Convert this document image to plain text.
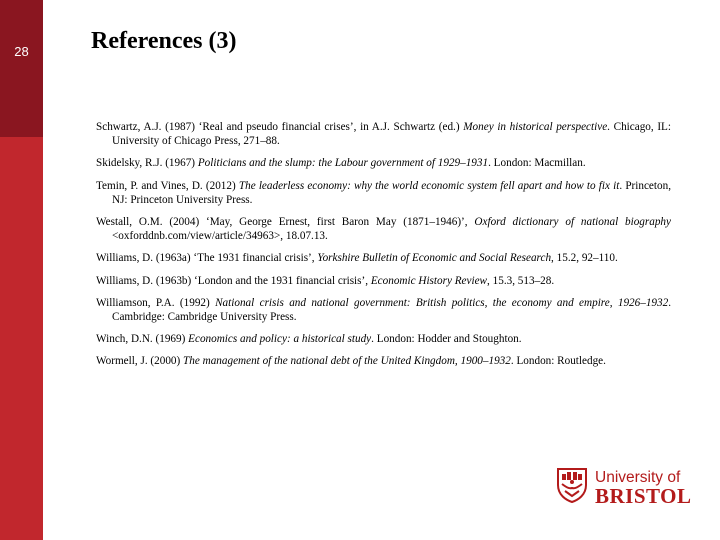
28	References (3)

Schwartz, A.J. (1987) ‘Real and pseudo financial crises’, in A.J. Schwartz (ed.) Money in historical perspective. Chicago, IL: University of Chicago Press, 271–88.

Skidelsky, R.J. (1967) Politicians and the slump: the Labour government of 1929–1931. London: Macmillan.

Temin, P. and Vines, D. (2012) The leaderless economy: why the world economic system fell apart and how to fix it. Princeton, NJ: Princeton University Press.

Westall, O.M. (2004) ‘May, George Ernest, first Baron May (1871–1946)’, Oxford dictionary of national biography <oxforddnb.com/view/article/34963>, 18.07.13.

Williams, D. (1963a) ‘The 1931 financial crisis’, Yorkshire Bulletin of Economic and Social Research, 15.2, 92–110.

Williams, D. (1963b) ‘London and the 1931 financial crisis’, Economic History Review, 15.3, 513–28.

Williamson, P.A. (1992) National crisis and national government: British politics, the economy and empire, 1926–1932. Cambridge: Cambridge University Press.

Winch, D.N. (1969) Economics and policy: a historical study. London: Hodder and Stoughton.

Wormell, J. (2000) The management of the national debt of the United Kingdom, 1900–1932. London: Routledge.

University of
BRISTOL
